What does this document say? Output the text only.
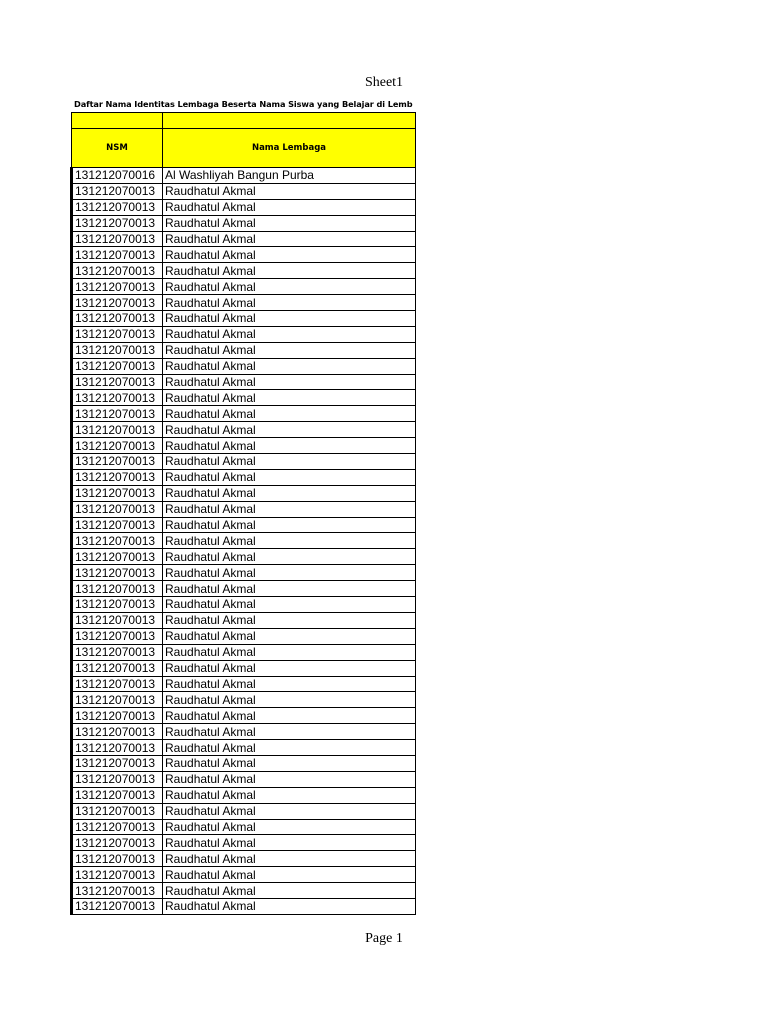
Sheet1
Daftar Nama Identitas Lembaga Beserta Nama Siswa yang Belajar di Lemb

NSM	Nama Lembaga
131212070016	Al Washliyah Bangun Purba
131212070013	Raudhatul Akmal
131212070013	Raudhatul Akmal
131212070013	Raudhatul Akmal
131212070013	Raudhatul Akmal
131212070013	Raudhatul Akmal
131212070013	Raudhatul Akmal
131212070013	Raudhatul Akmal
131212070013	Raudhatul Akmal
131212070013	Raudhatul Akmal
131212070013	Raudhatul Akmal
131212070013	Raudhatul Akmal
131212070013	Raudhatul Akmal
131212070013	Raudhatul Akmal
131212070013	Raudhatul Akmal
131212070013	Raudhatul Akmal
131212070013	Raudhatul Akmal
131212070013	Raudhatul Akmal
131212070013	Raudhatul Akmal
131212070013	Raudhatul Akmal
131212070013	Raudhatul Akmal
131212070013	Raudhatul Akmal
131212070013	Raudhatul Akmal
131212070013	Raudhatul Akmal
131212070013	Raudhatul Akmal
131212070013	Raudhatul Akmal
131212070013	Raudhatul Akmal
131212070013	Raudhatul Akmal
131212070013	Raudhatul Akmal
131212070013	Raudhatul Akmal
131212070013	Raudhatul Akmal
131212070013	Raudhatul Akmal
131212070013	Raudhatul Akmal
131212070013	Raudhatul Akmal
131212070013	Raudhatul Akmal
131212070013	Raudhatul Akmal
131212070013	Raudhatul Akmal
131212070013	Raudhatul Akmal
131212070013	Raudhatul Akmal
131212070013	Raudhatul Akmal
131212070013	Raudhatul Akmal
131212070013	Raudhatul Akmal
131212070013	Raudhatul Akmal
131212070013	Raudhatul Akmal
131212070013	Raudhatul Akmal
131212070013	Raudhatul Akmal
131212070013	Raudhatul Akmal
Page 1
